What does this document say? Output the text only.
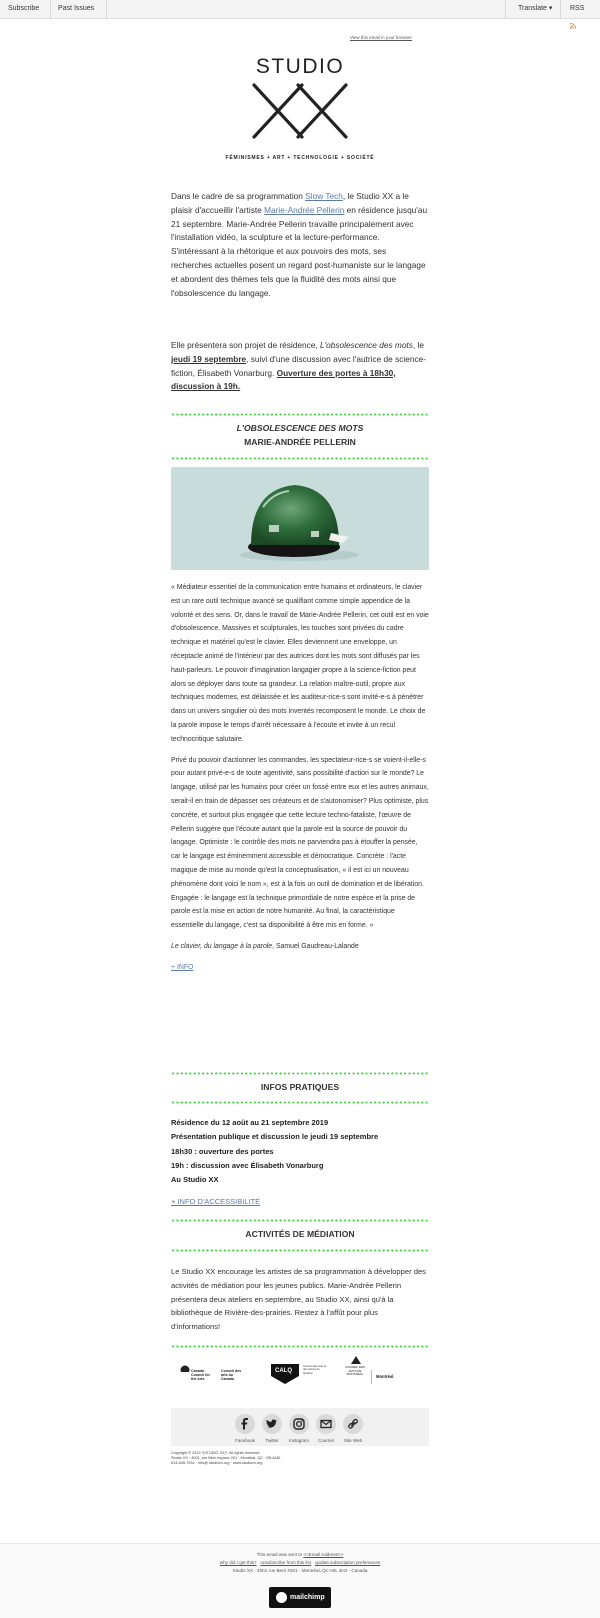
Subscribe	Past Issues	Translate ▾	RSS
View this email in your browser
STUDIO
FÉMINISMES + ART + TECHNOLOGIE + SOCIÉTÉ

Dans le cadre de sa programmation Slow Tech, le Studio XX a le plaisir d'accueillir l'artiste Marie-Andrée Pellerin en résidence jusqu'au 21 septembre. Marie-Andrée Pellerin travaille principalement avec l'installation vidéo, la sculpture et la lecture-performance. S'intéressant à la rhétorique et aux pouvoirs des mots, ses recherches actuelles posent un regard post-humaniste sur le langage et abordent des thèmes tels que la fluidité des mots ainsi que l'obsolescence du langage.

Elle présentera son projet de résidence, L'obsolescence des mots, le jeudi 19 septembre, suivi d'une discussion avec l'autrice de science-fiction, Élisabeth Vonarburg. Ouverture des portes à 18h30, discussion à 19h.

L'OBSOLESCENCE DES MOTS
MARIE-ANDRÉE PELLERIN

« Médiateur essentiel de la communication entre humains et ordinateurs, le clavier est un rare outil technique avancé se qualifiant comme simple appendice de la volonté et des sens. Or, dans le travail de Marie-Andrée Pellerin, cet outil est en voie d'obsolescence. Massives et sculpturales, les touches sont privées du cadre technique et matériel qu'est le clavier. Elles deviennent une enveloppe, un réceptacle animé de l'intérieur par des autrices dont les mots sont diffusés par les haut-parleurs. Le pouvoir d'imagination langagier propre à la science-fiction peut alors se déployer dans toute sa grandeur. La relation maître-outil, propre aux techniques modernes, est délaissée et les auditeur-rice-s sont invité-e-s à pénétrer dans un univers singulier où des mots inventés recomposent le monde. Le choix de la parole impose le temps d'arrêt nécessaire à l'écoute et invite à un recul technocritique salutaire.

Privé du pouvoir d'actionner les commandes, les spectateur-rice-s se voient-il-elle-s pour autant privé-e-s de toute agentivité, sans possibilité d'action sur le monde? Le langage, utilisé par les humains pour créer un fossé entre eux et les autres animaux, serait-il en train de dépasser ses créateurs et de s'autonomiser? Plus optimiste, plus concrète, et surtout plus engagée que cette lecture techno-fataliste, l'œuvre de Pellerin suggère que l'écoute autant que la parole est la source de pouvoir du langage. Optimiste : le contrôle des mots ne parviendra pas à étouffer la pensée, car le langage est éminemment accessible et démocratique. Concrète : l'acte magique de mise au monde qu'est la conceptualisation, « il est ici un nouveau phénomène dont voici le nom », est à la fois un outil de domination et de libération. Engagée : le langage est la technique primordiale de notre espèce et la prise de parole est la mise en action de notre humanité. Au final, la caractéristique essentielle du langage, c'est sa disponibilité à être mis en forme. »

Le clavier, du langage à la parole, Samuel Gaudreau-Lalande

+ INFO

INFOS PRATIQUES

Résidence du 12 août au 21 septembre 2019

Présentation publique et discussion le jeudi 19 septembre

18h30 : ouverture des portes

19h : discussion avec Élisabeth Vonarburg

Au Studio XX

+ INFO D'ACCESSIBILITÉ

ACTIVITÉS DE MÉDIATION

Le Studio XX encourage les artistes de sa programmation à développer des activités de médiation pour les jeunes publics. Marie-Andrée Pellerin présentera deux ateliers en septembre, au Studio XX, ainsi qu'à la bibliothèque de Rivière-des-prairies. Restez à l'affût pour plus d'informations!

Canada Council for the Arts
Conseil des arts du Canada
CALQ
Conseil des arts et des lettres du Québec
CONSEIL DES ARTS DE MONTRÉAL	Montréal
Facebook	Twitter	Instagram	Courriel	Site Web
Copyright © 2019 *|STUDIO XX|*, All rights reserved.
Studio XX · 4001, rue Berri espace 201 · Montréal, QC · IRLAND
514-845-7934 · info@ studioxx.org · www.studioxx.org
This email was sent to <<Email Address>>
why did I get this? unsubscribe from this list update subscription preferences
Studio XX · 4001 rue Berri #201 · Montréal, Qc H2L 4H2 · Canada
mailchimp
